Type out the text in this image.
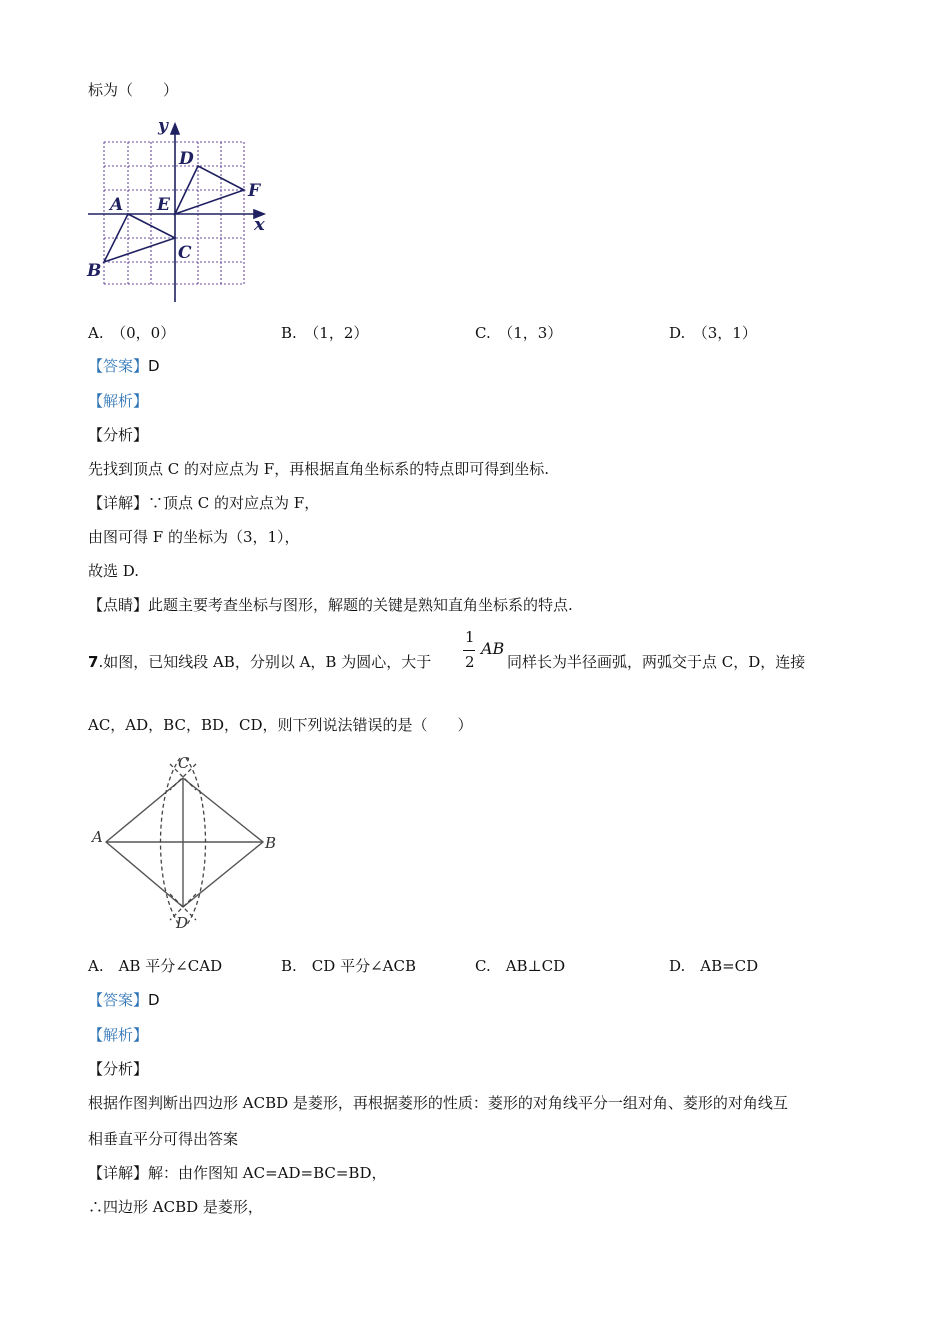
标为（　　）
y
x
D
E
F
A
C
B
A.　（0，0）	B.　（1，2）	C.　（1，3）	D.　（3，1）
【答案】D
【解析】
【分析】
先找到顶点 C 的对应点为 F，再根据直角坐标系的特点即可得到坐标.
【详解】∵顶点 C 的对应点为 F，
由图可得 F 的坐标为（3，1），
故选 D.
【点睛】此题主要考查坐标与图形，解题的关键是熟知直角坐标系的特点.
7.如图，已知线段 AB，分别以 A，B 为圆心，大于
1
2
AB
同样长为半径画弧，两弧交于点 C，D，连接
AC，AD，BC，BD，CD，则下列说法错误的是（　　）
A	B
C
D
A.　AB 平分∠CAD	B.　CD 平分∠ACB	C.　AB⊥CD	D.　AB=CD
【答案】D
【解析】
【分析】
根据作图判断出四边形 ACBD 是菱形，再根据菱形的性质：菱形的对角线平分一组对角、菱形的对角线互
相垂直平分可得出答案
【详解】解：由作图知 AC=AD=BC=BD，
∴四边形 ACBD 是菱形，
